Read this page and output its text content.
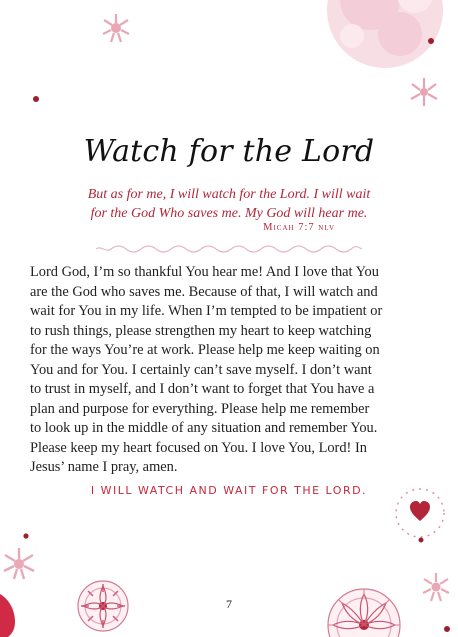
Watch for the Lord
But as for me, I will watch for the Lord. I will wait
for the God Who saves me. My God will hear me.
Micah 7:7 nlv
Lord God, I’m so thankful You hear me! And I love that You
are the God who saves me. Because of that, I will watch and
wait for You in my life. When I’m tempted to be impatient or
to rush things, please strengthen my heart to keep watching
for the ways You’re at work. Please help me keep waiting on
You and for You. I certainly can’t save myself. I don’t want
to trust in myself, and I don’t want to forget that You have a
plan and purpose for everything. Please help me remember
to look up in the middle of any situation and remember You.
Please keep my heart focused on You. I love You, Lord! In
Jesus’ name I pray, amen.
I WILL WATCH AND WAIT FOR THE LORD.
7
